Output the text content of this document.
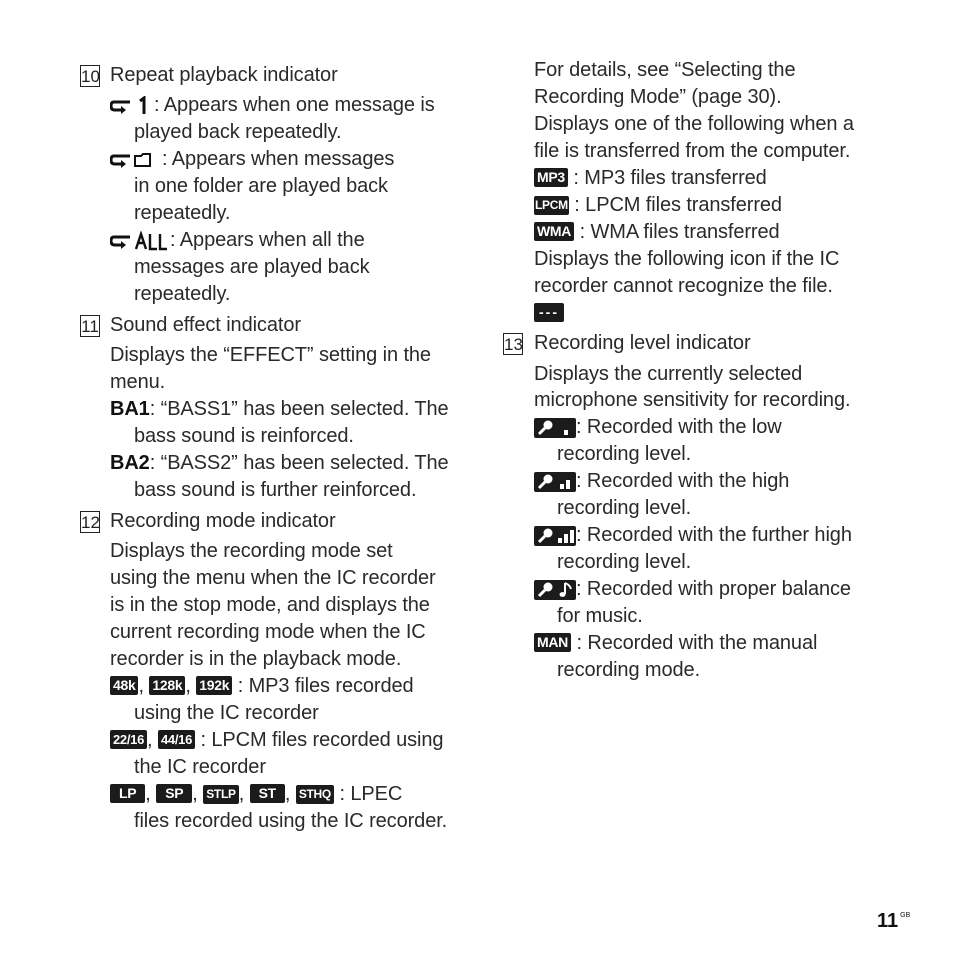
10 Repeat playback indicator
: Appears when one message is
played back repeatedly.
: Appears when messages
in one folder are played back
repeatedly.
: Appears when all the
messages are played back
repeatedly.
11 Sound effect indicator
Displays the “EFFECT” setting in the
menu.
BA1: “BASS1” has been selected. The
bass sound is reinforced.
BA2: “BASS2” has been selected. The
bass sound is further reinforced.
12 Recording mode indicator
Displays the recording mode set
using the menu when the IC recorder
is in the stop mode, and displays the
current recording mode when the IC
recorder is in the playback mode.
48k , 128k , 192k : MP3 files recorded
using the IC recorder
22/16 , 44/16 : LPCM files recorded using
the IC recorder
LP , SP , STLP , ST , STHQ : LPEC
files recorded using the IC recorder.
For details, see “Selecting the
Recording Mode” (page 30).
Displays one of the following when a
file is transferred from the computer.
MP3 : MP3 files transferred
LPCM : LPCM files transferred
WMA : WMA files transferred
Displays the following icon if the IC
recorder cannot recognize the file.
---
13 Recording level indicator
Displays the currently selected
microphone sensitivity for recording.
: Recorded with the low
recording level.
: Recorded with the high
recording level.
: Recorded with the further high
recording level.
: Recorded with proper balance
for music.
MAN : Recorded with the manual
recording mode.
11 $^{GB}$
